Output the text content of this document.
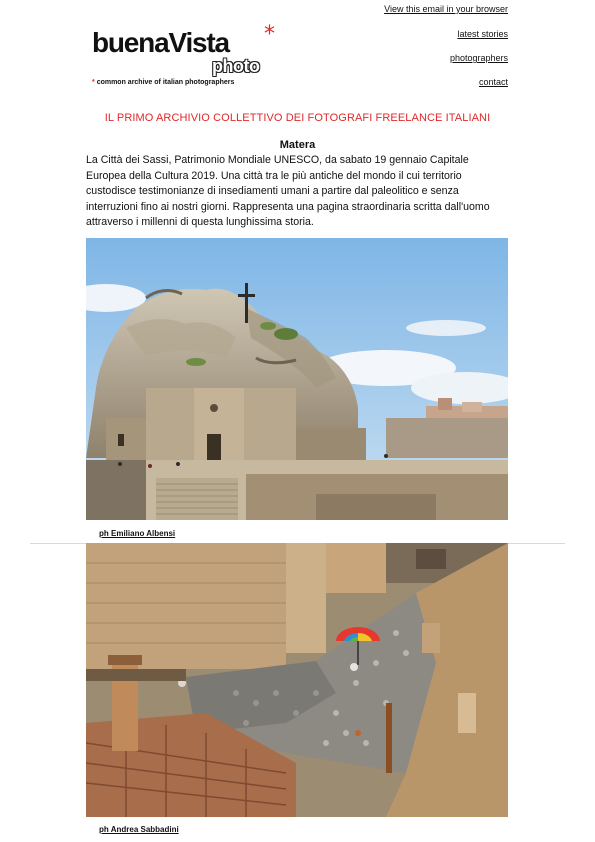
View this email in your browser
latest stories
photographers
contact
buenaVista *
photo
* common archive of italian photographers
IL PRIMO ARCHIVIO COLLETTIVO DEI FOTOGRAFI FREELANCE ITALIANI
Matera
La Città dei Sassi, Patrimonio Mondiale UNESCO, da sabato 19 gennaio Capitale Europea della Cultura 2019. Una città tra le più antiche del mondo il cui territorio custodisce testimonianze di insediamenti umani a partire dal paleolitico e senza interruzioni fino ai nostri giorni. Rappresenta una pagina straordinaria scritta dall'uomo attraverso i millenni di questa lunghissima storia.
ph Emiliano Albensi
ph Andrea Sabbadini
